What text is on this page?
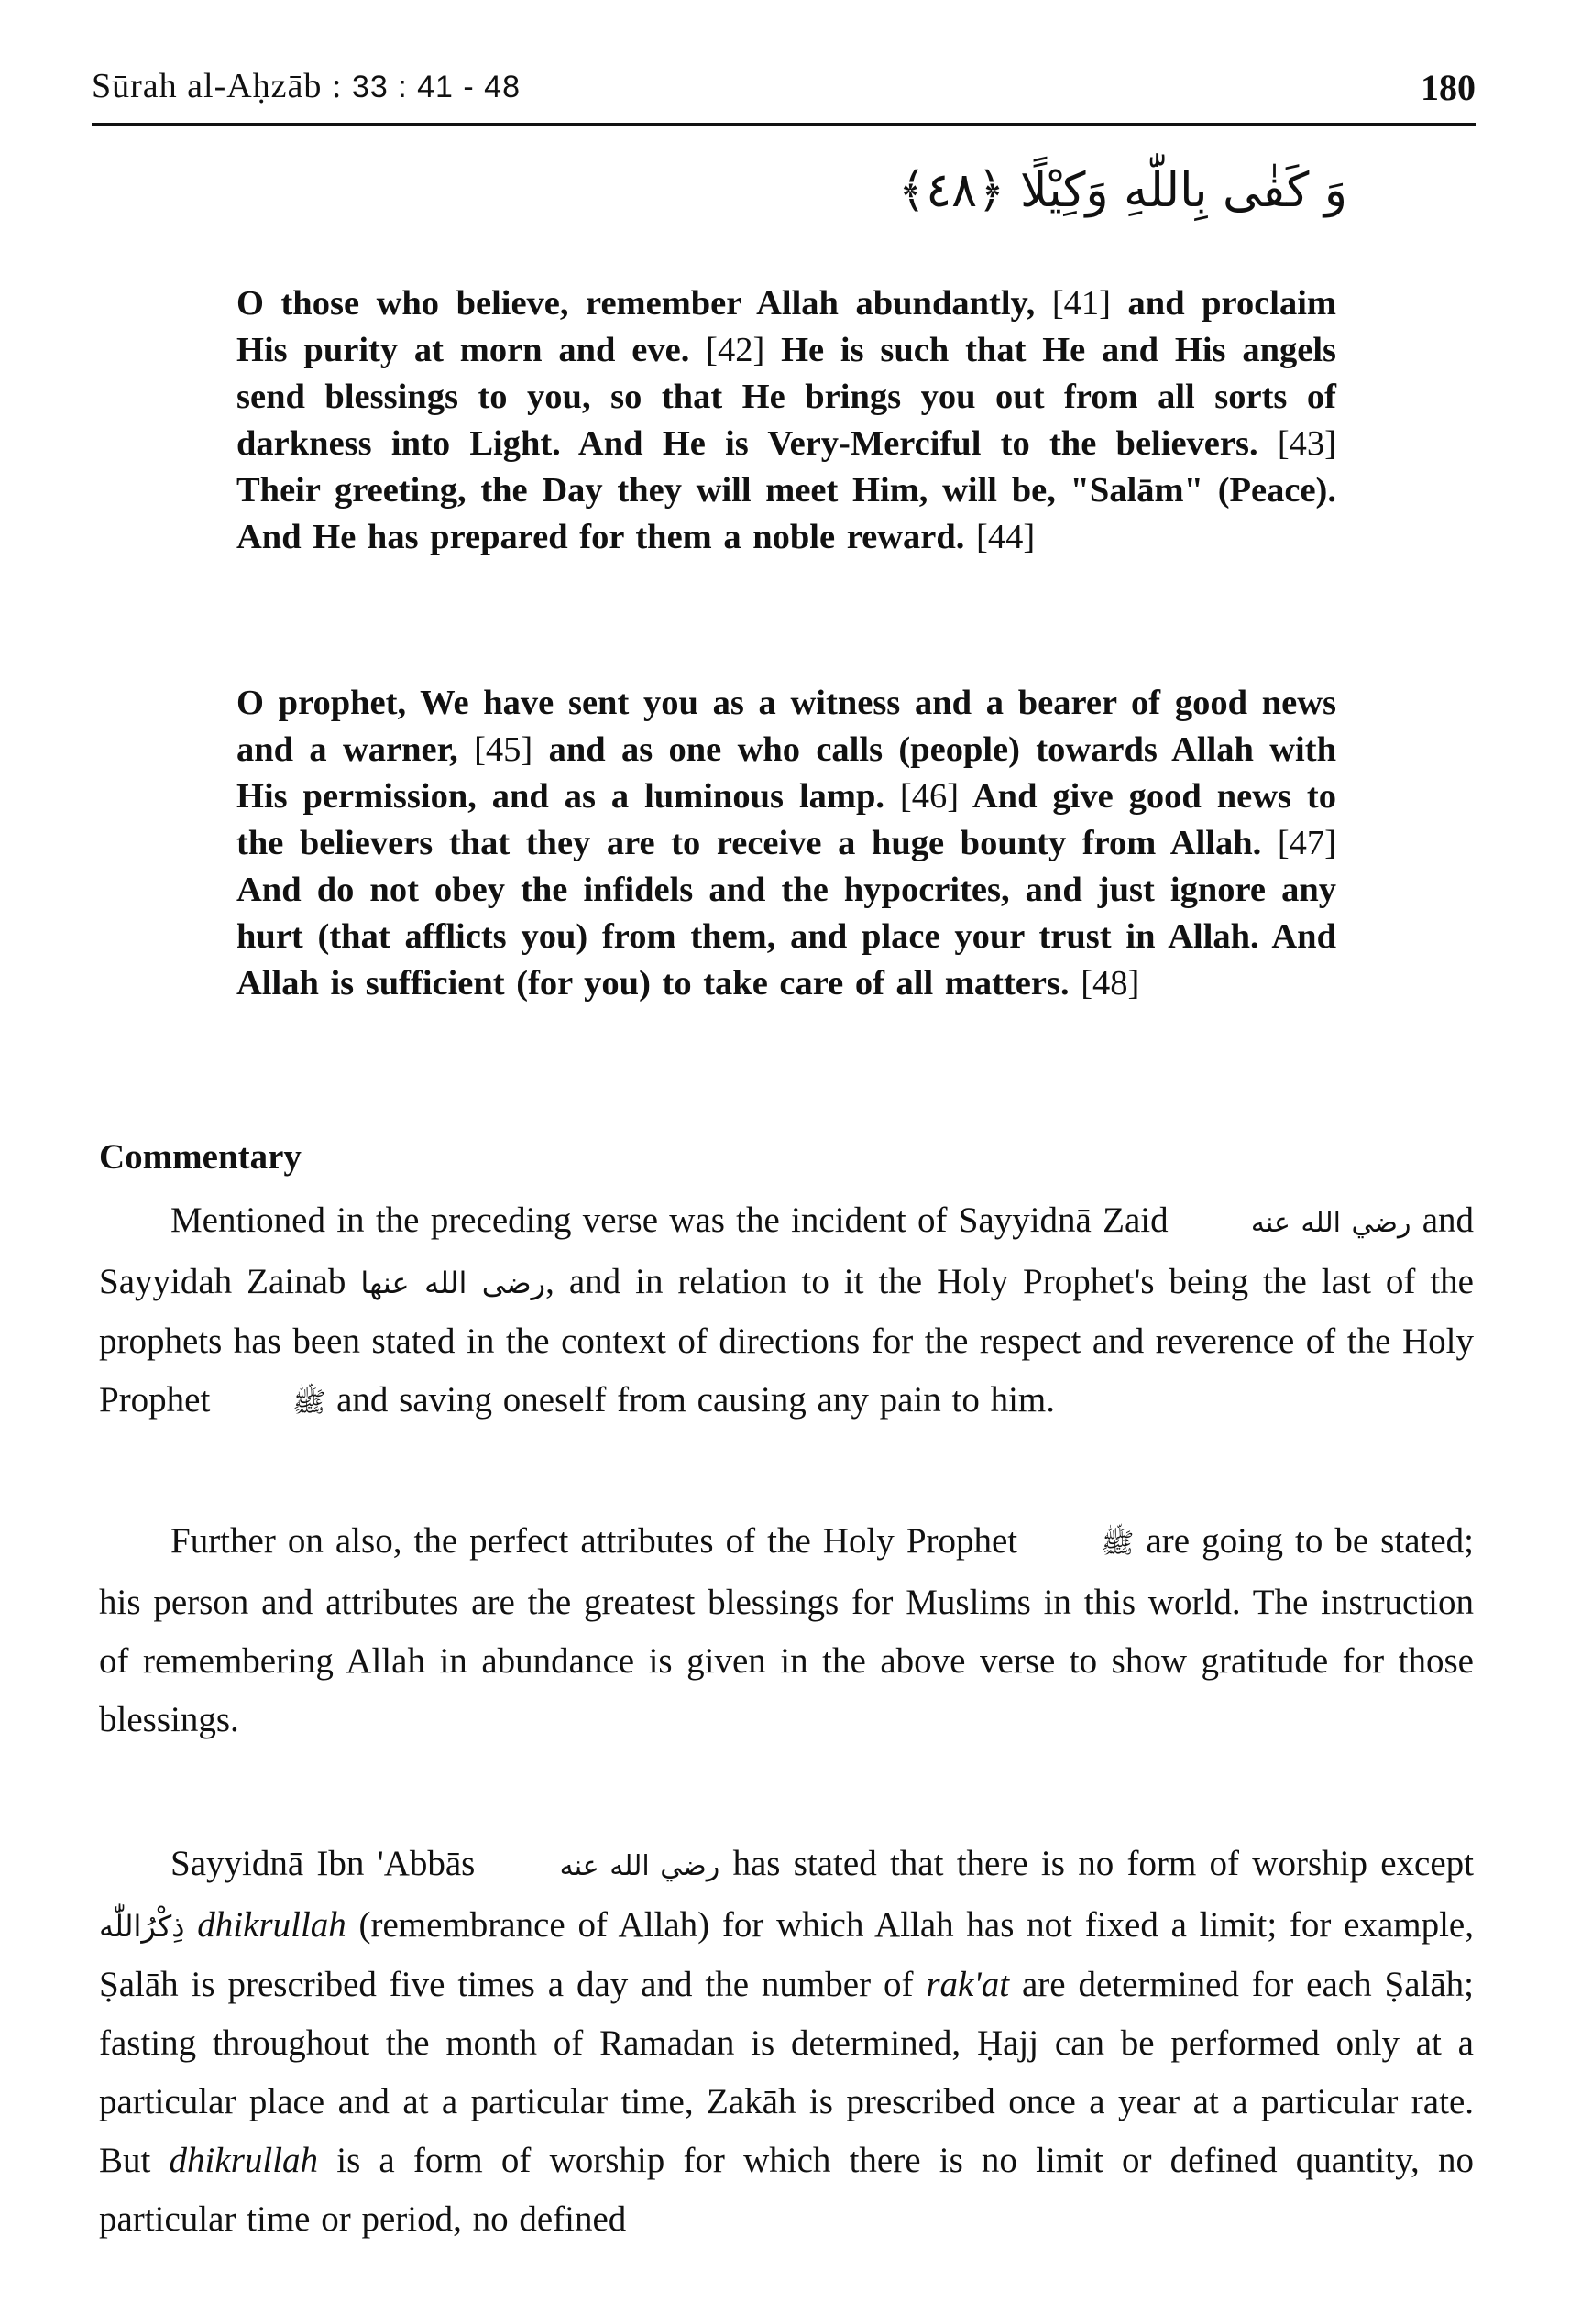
Sūrah al-Aḥzāb : 33 : 41 - 48	180
وَ كَفٰى بِاللّٰهِ وَكِيْلًا ﴿٤٨﴾

O those who believe, remember Allah abundantly, [41] and proclaim His purity at morn and eve. [42] He is such that He and His angels send blessings to you, so that He brings you out from all sorts of darkness into Light. And He is Very-Merciful to the believers. [43] Their greeting, the Day they will meet Him, will be, "Salām" (Peace). And He has prepared for them a noble reward. [44]

O prophet, We have sent you as a witness and a bearer of good news and a warner, [45] and as one who calls (people) towards Allah with His permission, and as a luminous lamp. [46] And give good news to the believers that they are to receive a huge bounty from Allah. [47] And do not obey the infidels and the hypocrites, and just ignore any hurt (that afflicts you) from them, and place your trust in Allah. And Allah is sufficient (for you) to take care of all matters. [48]

Commentary

Mentioned in the preceding verse was the incident of Sayyidnā Zaid	رضي الله عنه and Sayyidah Zainab رضى الله عنها, and in relation to it the Holy Prophet's being the last of the prophets has been stated in the context of directions for the respect and reverence of the Holy Prophet	ﷺ and saving oneself from causing any pain to him.

Further on also, the perfect attributes of the Holy Prophet	ﷺ are going to be stated; his person and attributes are the greatest blessings for Muslims in this world. The instruction of remembering Allah in abundance is given in the above verse to show gratitude for those blessings.

Sayyidnā Ibn 'Abbās	رضي الله عنه has stated that there is no form of worship except ذِكْرُاللّٰه dhikrullah (remembrance of Allah) for which Allah has not fixed a limit; for example, Ṣalāh is prescribed five times a day and the number of rak'at are determined for each Ṣalāh; fasting throughout the month of Ramadan is determined, Ḥajj can be performed only at a particular place and at a particular time, Zakāh is prescribed once a year at a particular rate. But dhikrullah is a form of worship for which there is no limit or defined quantity, no particular time or period, no defined
